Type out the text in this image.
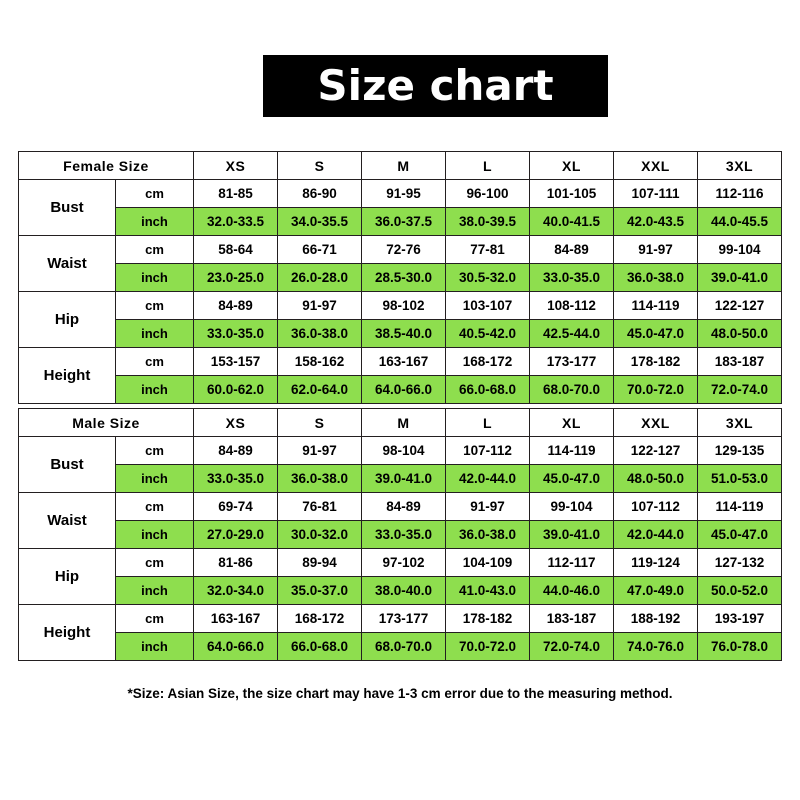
Size chart
Female Size		XS	S	M	L	XL	XXL	3XL
Bust	cm	81-85	86-90	91-95	96-100	101-105	107-111	112-116
	inch	32.0-33.5	34.0-35.5	36.0-37.5	38.0-39.5	40.0-41.5	42.0-43.5	44.0-45.5
Waist	cm	58-64	66-71	72-76	77-81	84-89	91-97	99-104
	inch	23.0-25.0	26.0-28.0	28.5-30.0	30.5-32.0	33.0-35.0	36.0-38.0	39.0-41.0
Hip	cm	84-89	91-97	98-102	103-107	108-112	114-119	122-127
	inch	33.0-35.0	36.0-38.0	38.5-40.0	40.5-42.0	42.5-44.0	45.0-47.0	48.0-50.0
Height	cm	153-157	158-162	163-167	168-172	173-177	178-182	183-187
	inch	60.0-62.0	62.0-64.0	64.0-66.0	66.0-68.0	68.0-70.0	70.0-72.0	72.0-74.0
Male Size		XS	S	M	L	XL	XXL	3XL
Bust	cm	84-89	91-97	98-104	107-112	114-119	122-127	129-135
	inch	33.0-35.0	36.0-38.0	39.0-41.0	42.0-44.0	45.0-47.0	48.0-50.0	51.0-53.0
Waist	cm	69-74	76-81	84-89	91-97	99-104	107-112	114-119
	inch	27.0-29.0	30.0-32.0	33.0-35.0	36.0-38.0	39.0-41.0	42.0-44.0	45.0-47.0
Hip	cm	81-86	89-94	97-102	104-109	112-117	119-124	127-132
	inch	32.0-34.0	35.0-37.0	38.0-40.0	41.0-43.0	44.0-46.0	47.0-49.0	50.0-52.0
Height	cm	163-167	168-172	173-177	178-182	183-187	188-192	193-197
	inch	64.0-66.0	66.0-68.0	68.0-70.0	70.0-72.0	72.0-74.0	74.0-76.0	76.0-78.0
*Size: Asian Size, the size chart may have 1-3 cm error due to the measuring method.
